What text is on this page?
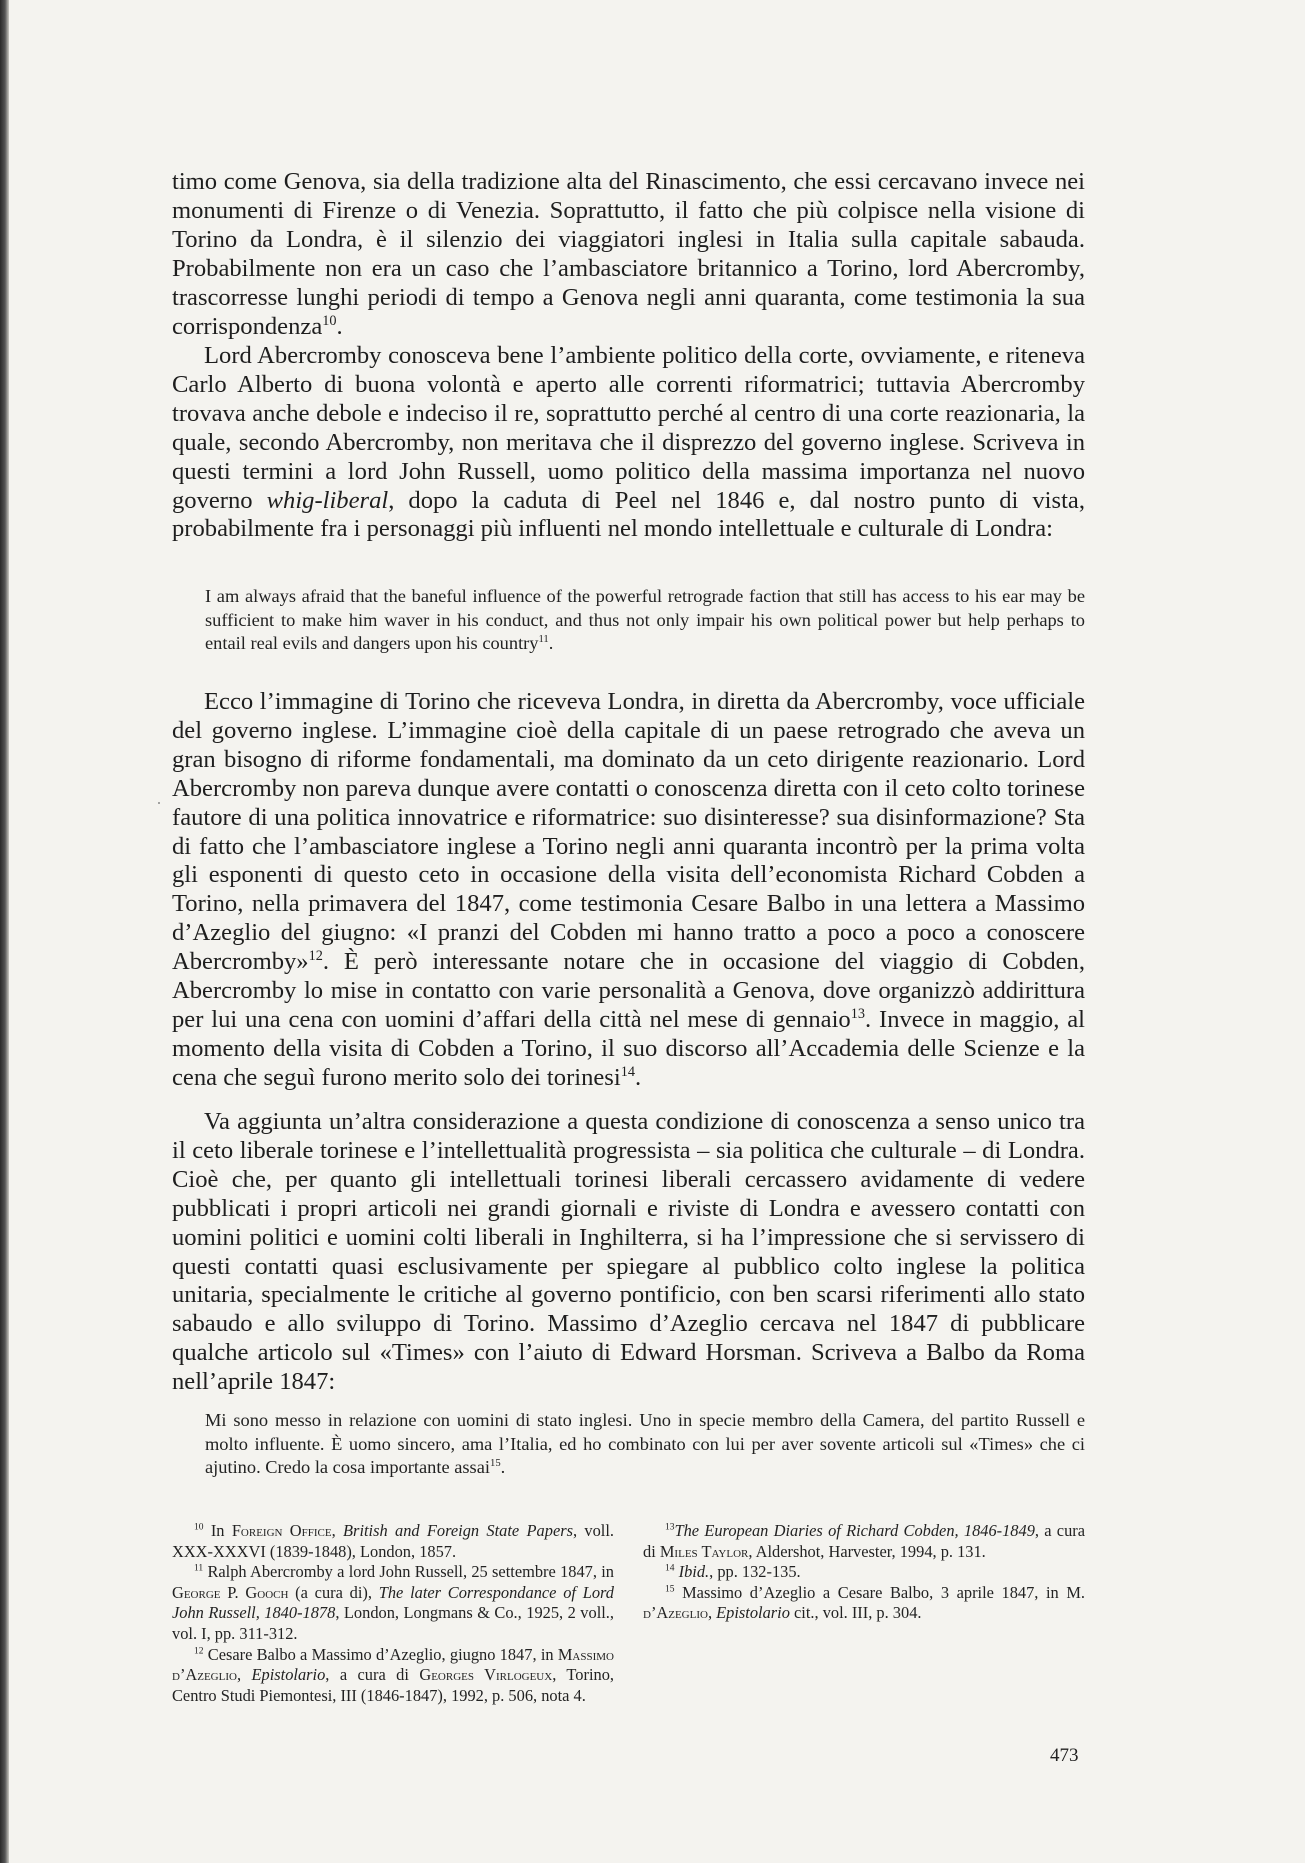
timo come Genova, sia della tradizione alta del Rinascimento, che essi cercavano invece nei monumenti di Firenze o di Venezia. Soprattutto, il fatto che più colpisce nella visione di Torino da Londra, è il silenzio dei viaggiatori inglesi in Italia sulla capitale sabauda. Probabilmente non era un caso che l’ambasciatore britannico a Torino, lord Abercromby, trascorresse lunghi periodi di tempo a Genova negli anni quaranta, come testimonia la sua corrispondenza$^{10}$.

Lord Abercromby conosceva bene l’ambiente politico della corte, ovviamente, e riteneva Carlo Alberto di buona volontà e aperto alle correnti riformatrici; tuttavia Abercromby trovava anche debole e indeciso il re, soprattutto perché al centro di una corte reazionaria, la quale, secondo Abercromby, non meritava che il disprezzo del governo inglese. Scriveva in questi termini a lord John Russell, uomo politico della massima importanza nel nuovo governo whig-liberal, dopo la caduta di Peel nel 1846 e, dal nostro punto di vista, probabilmente fra i personaggi più influenti nel mondo intellettuale e culturale di Londra:

I am always afraid that the baneful influence of the powerful retrograde faction that still has access to his ear may be sufficient to make him waver in his conduct, and thus not only impair his own political power but help perhaps to entail real evils and dangers upon his country$^{11}$.

Ecco l’immagine di Torino che riceveva Londra, in diretta da Abercromby, voce ufficiale del governo inglese. L’immagine cioè della capitale di un paese retrogrado che aveva un gran bisogno di riforme fondamentali, ma dominato da un ceto dirigente reazionario. Lord Abercromby non pareva dunque avere contatti o conoscenza diretta con il ceto colto torinese fautore di una politica innovatrice e riformatrice: suo disinteresse? sua disinformazione? Sta di fatto che l’ambasciatore inglese a Torino negli anni quaranta incontrò per la prima volta gli esponenti di questo ceto in occasione della visita dell’economista Richard Cobden a Torino, nella primavera del 1847, come testimonia Cesare Balbo in una lettera a Massimo d’Azeglio del giugno: «I pranzi del Cobden mi hanno tratto a poco a poco a conoscere Abercromby»$^{12}$. È però interessante notare che in occasione del viaggio di Cobden, Abercromby lo mise in contatto con varie personalità a Genova, dove organizzò addirittura per lui una cena con uomini d’affari della città nel mese di gennaio$^{13}$. Invece in maggio, al momento della visita di Cobden a Torino, il suo discorso all’Accademia delle Scienze e la cena che seguì furono merito solo dei torinesi$^{14}$.

Va aggiunta un’altra considerazione a questa condizione di conoscenza a senso unico tra il ceto liberale torinese e l’intellettualità progressista – sia politica che culturale – di Londra. Cioè che, per quanto gli intellettuali torinesi liberali cercassero avidamente di vedere pubblicati i propri articoli nei grandi giornali e riviste di Londra e avessero contatti con uomini politici e uomini colti liberali in Inghilterra, si ha l’impressione che si servissero di questi contatti quasi esclusivamente per spiegare al pubblico colto inglese la politica unitaria, specialmente le critiche al governo pontificio, con ben scarsi riferimenti allo stato sabaudo e allo sviluppo di Torino. Massimo d’Azeglio cercava nel 1847 di pubblicare qualche articolo sul «Times» con l’aiuto di Edward Horsman. Scriveva a Balbo da Roma nell’aprile 1847:

Mi sono messo in relazione con uomini di stato inglesi. Uno in specie membro della Camera, del partito Russell e molto influente. È uomo sincero, ama l’Italia, ed ho combinato con lui per aver sovente articoli sul «Times» che ci ajutino. Credo la cosa importante assai$^{15}$.

$^{10}$ In Foreign Office, British and Foreign State Papers, voll. XXX-XXXVI (1839-1848), London, 1857.

$^{11}$ Ralph Abercromby a lord John Russell, 25 settembre 1847, in George P. Gooch (a cura di), The later Correspondance of Lord John Russell, 1840-1878, London, Longmans & Co., 1925, 2 voll., vol. I, pp. 311-312.

$^{12}$ Cesare Balbo a Massimo d’Azeglio, giugno 1847, in Massimo d’Azeglio, Epistolario, a cura di Georges Virlogeux, Torino, Centro Studi Piemontesi, III (1846-1847), 1992, p. 506, nota 4.

$^{13}$The European Diaries of Richard Cobden, 1846-1849, a cura di Miles Taylor, Aldershot, Harvester, 1994, p. 131.

$^{14}$ Ibid., pp. 132-135.

$^{15}$ Massimo d’Azeglio a Cesare Balbo, 3 aprile 1847, in M. d’Azeglio, Epistolario cit., vol. III, p. 304.

473
